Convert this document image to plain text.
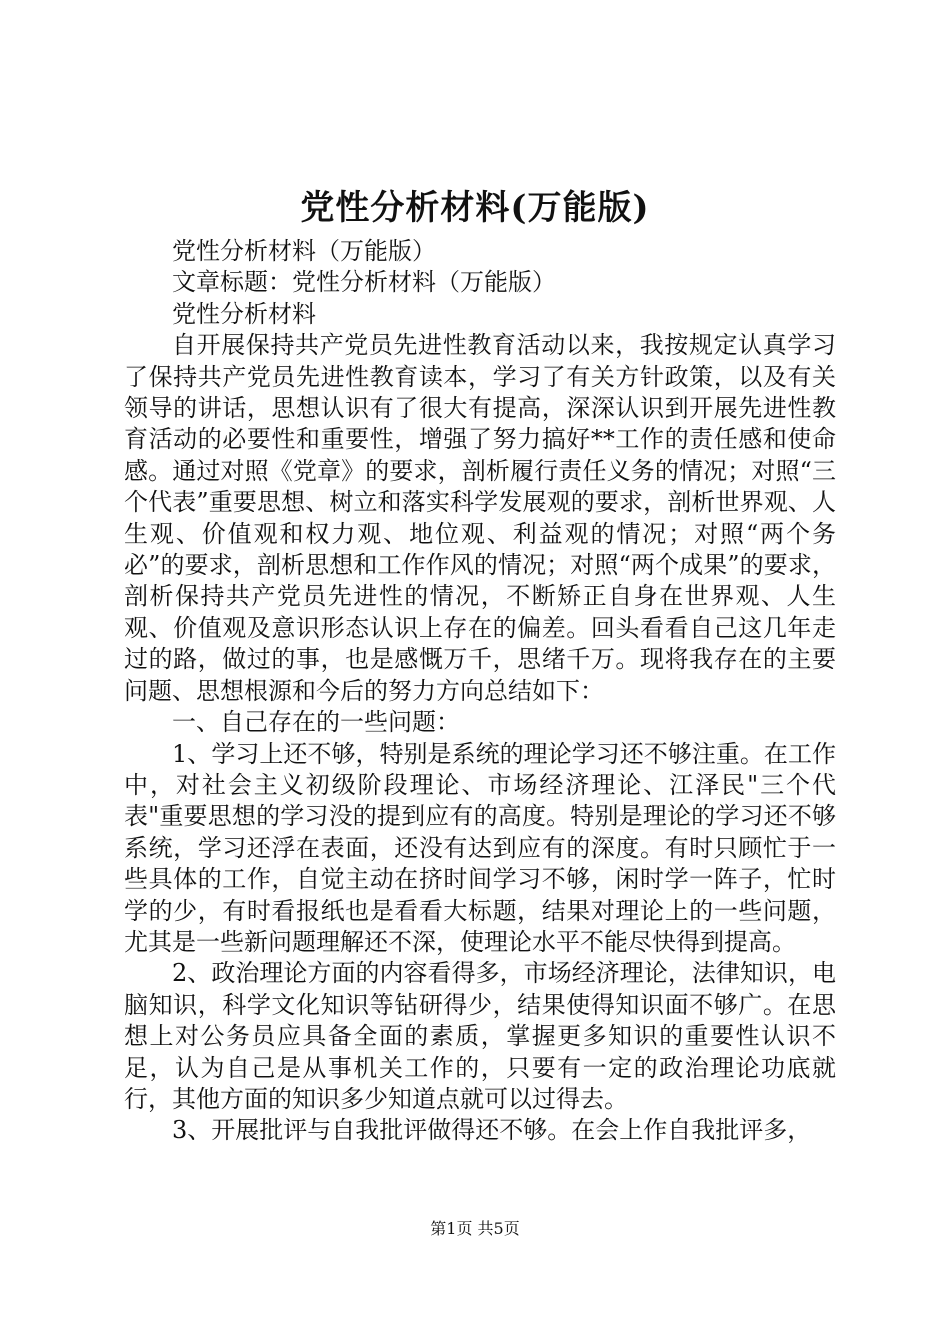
党性分析材料(万能版)

党性分析材料（万能版）

文章标题：党性分析材料（万能版）

党性分析材料

自开展保持共产党员先进性教育活动以来，我按规定认真学习了保持共产党员先进性教育读本，学习了有关方针政策，以及有关领导的讲话，思想认识有了很大有提高，深深认识到开展先进性教育活动的必要性和重要性，增强了努力搞好**工作的责任感和使命感。通过对照《党章》的要求，剖析履行责任义务的情况；对照“三个代表”重要思想、树立和落实科学发展观的要求，剖析世界观、人生观、价值观和权力观、地位观、利益观的情况；对照“两个务必”的要求，剖析思想和工作作风的情况；对照“两个成果”的要求，剖析保持共产党员先进性的情况，不断矫正自身在世界观、人生观、价值观及意识形态认识上存在的偏差。回头看看自己这几年走过的路，做过的事，也是感慨万千，思绪千万。现将我存在的主要问题、思想根源和今后的努力方向总结如下：

一、自己存在的一些问题：

1、学习上还不够，特别是系统的理论学习还不够注重。在工作中，对社会主义初级阶段理论、市场经济理论、江泽民"三个代表"重要思想的学习没的提到应有的高度。特别是理论的学习还不够系统，学习还浮在表面，还没有达到应有的深度。有时只顾忙于一些具体的工作，自觉主动在挤时间学习不够，闲时学一阵子，忙时学的少，有时看报纸也是看看大标题，结果对理论上的一些问题，尤其是一些新问题理解还不深，使理论水平不能尽快得到提高。

2、政治理论方面的内容看得多，市场经济理论，法律知识，电脑知识，科学文化知识等钻研得少，结果使得知识面不够广。在思想上对公务员应具备全面的素质，掌握更多知识的重要性认识不足，认为自己是从事机关工作的，只要有一定的政治理论功底就行，其他方面的知识多少知道点就可以过得去。

3、开展批评与自我批评做得还不够。在会上作自我批评多，

第1页 共5页
